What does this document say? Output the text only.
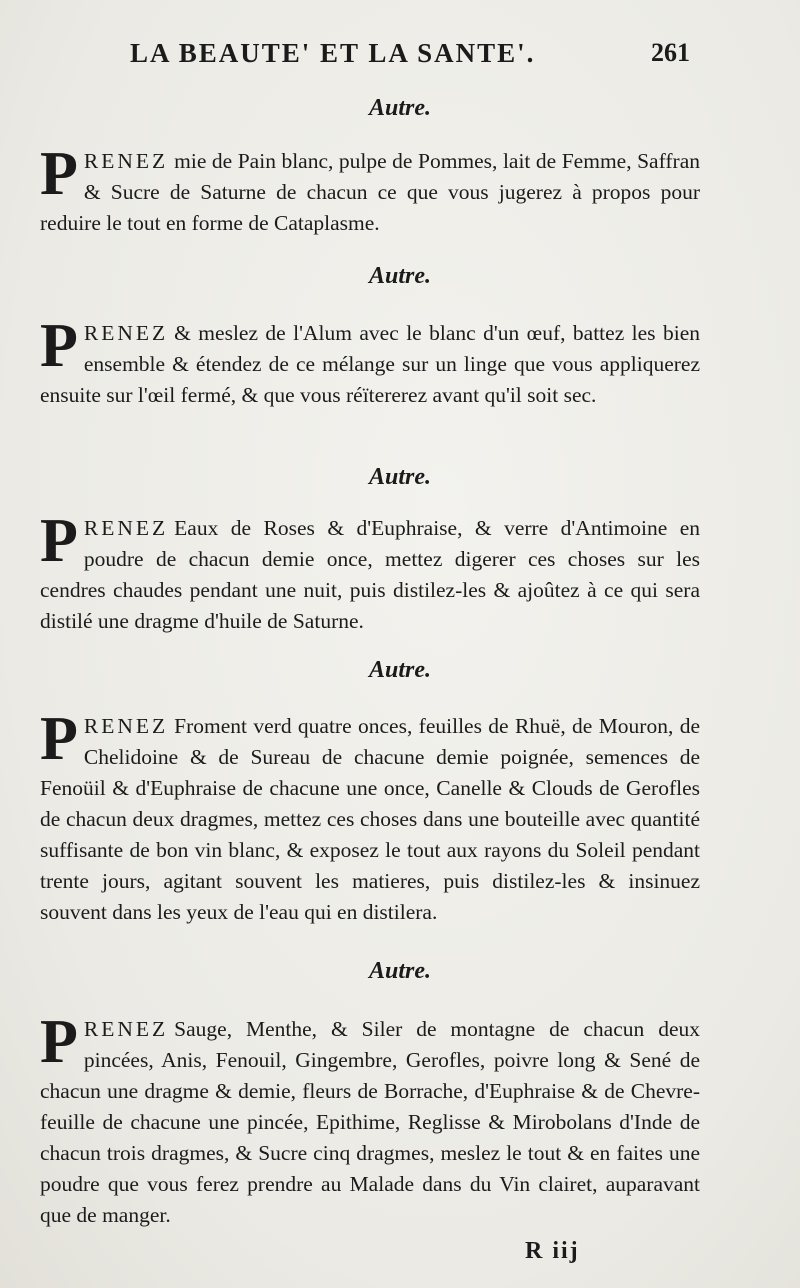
LA BEAUTE' ET LA SANTE'.	261
Autre.
PRENEZ mie de Pain blanc, pulpe de Pommes, lait de Femme, Saffran & Sucre de Saturne de chacun ce que vous jugerez à propos pour reduire le tout en forme de Cataplasme.
Autre.
PRENEZ & meslez de l'Alum avec le blanc d'un œuf, battez les bien ensemble & étendez de ce mélange sur un linge que vous appliquerez ensuite sur l'œil fermé, & que vous réïtererez avant qu'il soit sec.
Autre.
PRENEZ Eaux de Roses & d'Euphraise, & verre d'Antimoine en poudre de chacun demie once, mettez digerer ces choses sur les cendres chaudes pendant une nuit, puis distilez-les & ajoûtez à ce qui sera distilé une dragme d'huile de Saturne.
Autre.
PRENEZ Froment verd quatre onces, feuilles de Rhuë, de Mouron, de Chelidoine & de Sureau de chacune demie poignée, semences de Fenoüil & d'Euphraise de chacune une once, Canelle & Clouds de Gerofles de chacun deux dragmes, mettez ces choses dans une bouteille avec quantité suffisante de bon vin blanc, & exposez le tout aux rayons du Soleil pendant trente jours, agitant souvent les matieres, puis distilez-les & insinuez souvent dans les yeux de l'eau qui en distilera.
Autre.
PRENEZ Sauge, Menthe, & Siler de montagne de chacun deux pincées, Anis, Fenouil, Gingembre, Gerofles, poivre long & Sené de chacun une dragme & demie, fleurs de Borrache, d'Euphraise & de Chevre-feuille de chacune une pincée, Epithime, Reglisse & Mirobolans d'Inde de chacun trois dragmes, & Sucre cinq dragmes, meslez le tout & en faites une poudre que vous ferez prendre au Malade dans du Vin clairet, auparavant que de manger.
R iij
